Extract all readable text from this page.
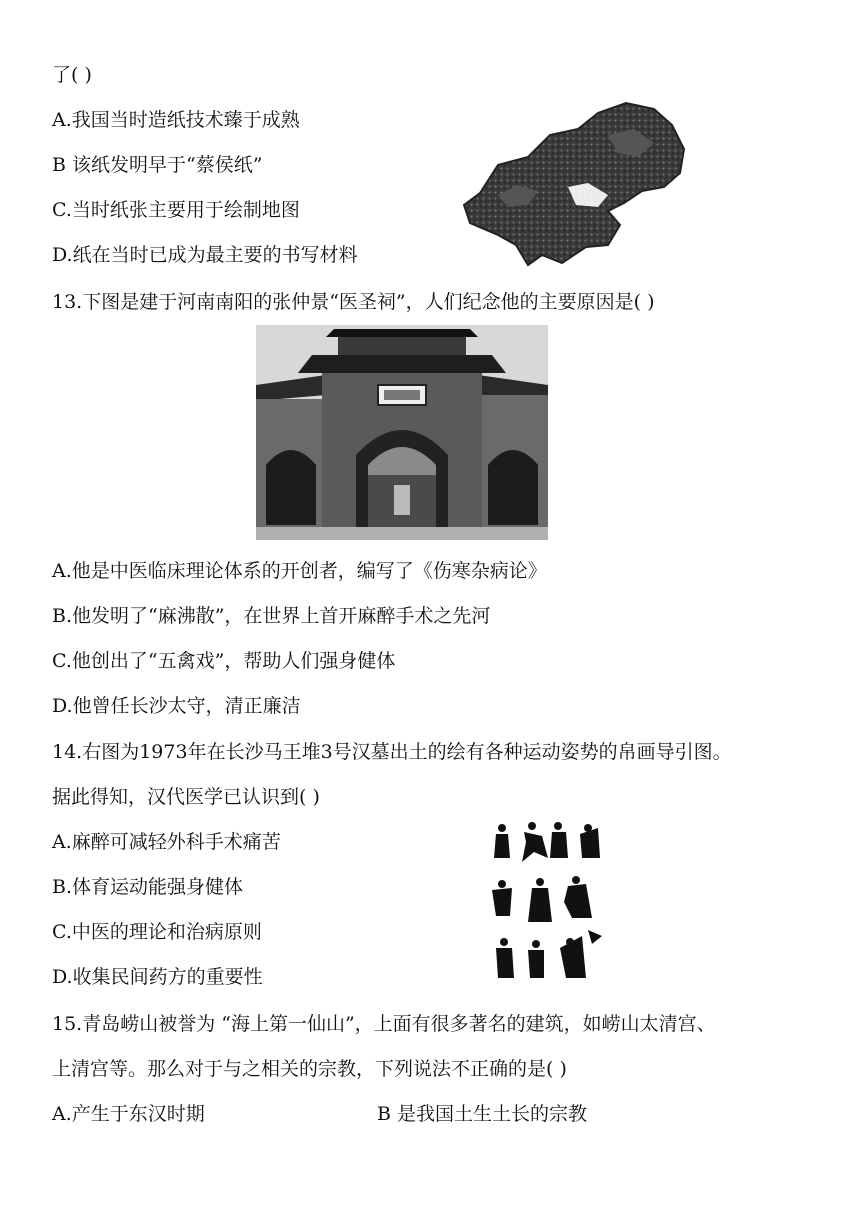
了( )
A.我国当时造纸技术臻于成熟
B 该纸发明早于“蔡侯纸”
C.当时纸张主要用于绘制地图
D.纸在当时已成为最主要的书写材料
13.下图是建于河南南阳的张仲景“医圣祠”，人们纪念他的主要原因是( )
A.他是中医临床理论体系的开创者，编写了《伤寒杂病论》
B.他发明了“麻沸散”，在世界上首开麻醉手术之先河
C.他创出了“五禽戏”，帮助人们强身健体
D.他曾任长沙太守，清正廉洁
14.右图为1973年在长沙马王堆3号汉墓出土的绘有各种运动姿势的帛画导引图。
据此得知，汉代医学已认识到( )
A.麻醉可减轻外科手术痛苦
B.体育运动能强身健体
C.中医的理论和治病原则
D.收集民间药方的重要性
15.青岛崂山被誉为 “海上第一仙山”，上面有很多著名的建筑，如崂山太清宫、
上清宫等。那么对于与之相关的宗教，下列说法不正确的是( )
A.产生于东汉时期	B 是我国土生土长的宗教
